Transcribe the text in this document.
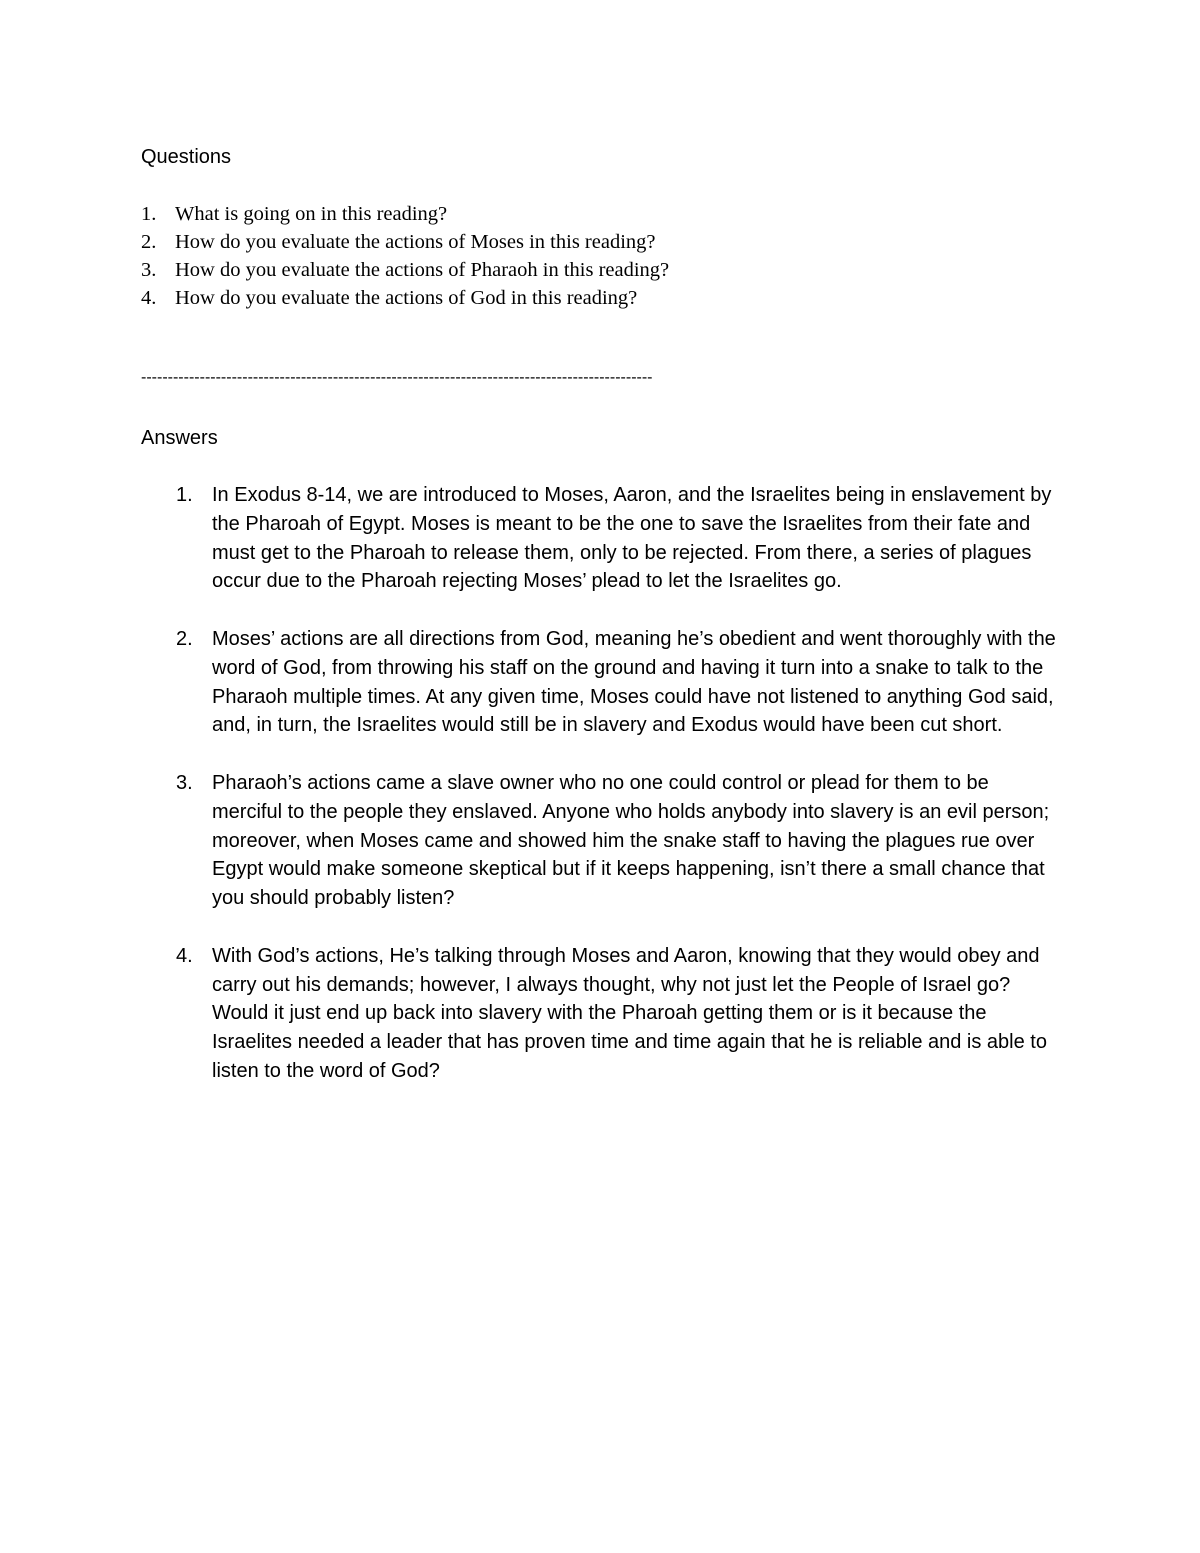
Questions
1. What is going on in this reading?
2. How do you evaluate the actions of Moses in this reading?
3. How do you evaluate the actions of Pharaoh in this reading?
4. How do you evaluate the actions of God in this reading?
------------------------------------------------------------------------------------------------
Answers
1. In Exodus 8-14, we are introduced to Moses, Aaron, and the Israelites being in enslavement by the Pharoah of Egypt. Moses is meant to be the one to save the Israelites from their fate and must get to the Pharoah to release them, only to be rejected. From there, a series of plagues occur due to the Pharoah rejecting Moses’ plead to let the Israelites go.
2. Moses’ actions are all directions from God, meaning he’s obedient and went thoroughly with the word of God, from throwing his staff on the ground and having it turn into a snake to talk to the Pharaoh multiple times. At any given time, Moses could have not listened to anything God said, and, in turn, the Israelites would still be in slavery and Exodus would have been cut short.
3. Pharaoh’s actions came a slave owner who no one could control or plead for them to be merciful to the people they enslaved. Anyone who holds anybody into slavery is an evil person; moreover, when Moses came and showed him the snake staff to having the plagues rue over Egypt would make someone skeptical but if it keeps happening, isn’t there a small chance that you should probably listen?
4. With God’s actions, He’s talking through Moses and Aaron, knowing that they would obey and carry out his demands; however, I always thought, why not just let the People of Israel go? Would it just end up back into slavery with the Pharoah getting them or is it because the Israelites needed a leader that has proven time and time again that he is reliable and is able to listen to the word of God?
